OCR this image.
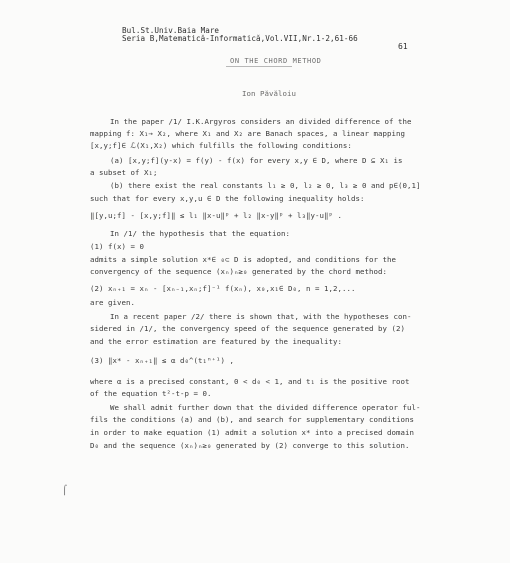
Bul.St.Univ.Baia Mare

Seria B,Matematică-Informatică,Vol.VII,Nr.1-2,61-66

61

ON THE CHORD METHOD

Ion Păvăloiu

In the paper /1/ I.K.Argyros considers an divided difference of the

mapping f: X₁→ X₂, where X₁ and X₂ are Banach spaces, a linear mapping

[x,y;f]∈ ℒ(X₁,X₂) which fulfills the following conditions:

(a) [x,y;f](y-x) = f(y) - f(x) for every x,y ∈ D, where D ⊆ X₁ is

a subset of X₁;

(b) there exist the real constants l₁ ≥ 0, l₂ ≥ 0, l₃ ≥ 0 and p∈(0,1]

such that for every x,y,u ∈ D the following inequality holds:

‖[y,u;f] - [x,y;f]‖ ≤ l₁ ‖x-u‖ᵖ + l₂ ‖x-y‖ᵖ + l₃‖y-u‖ᵖ .

In /1/ the hypothesis that the equation:

(1) f(x) = 0

admits a simple solution x*∈ ₀⊂ D is adopted, and conditions for the

convergency of the sequence (xₙ)ₙ≥₀ generated by the chord method:

(2) xₙ₊₁ = xₙ - [xₙ₋₁,xₙ;f]⁻¹ f(xₙ), x₀,x₁∈ D₀, n = 1,2,...

are given.

In a recent paper /2/ there is shown that, with the hypotheses con-

sidered in /1/, the convergency speed of the sequence generated by (2)

and the error estimation are featured by the inequality:

(3) ‖x* - xₙ₊₁‖ ≤ α d₀^(t₁ⁿ⁺¹) ,

where α is a precised constant, 0 < d₀ < 1, and t₁ is the positive root

of the equation t²-t-p = 0.

We shall admit further down that the divided difference operator ful-

fils the conditions (a) and (b), and search for supplementary conditions

in order to make equation (1) admit a solution x* into a precised domain

D₀ and the sequence (xₙ)ₙ≥₀ generated by (2) converge to this solution.

⌠
